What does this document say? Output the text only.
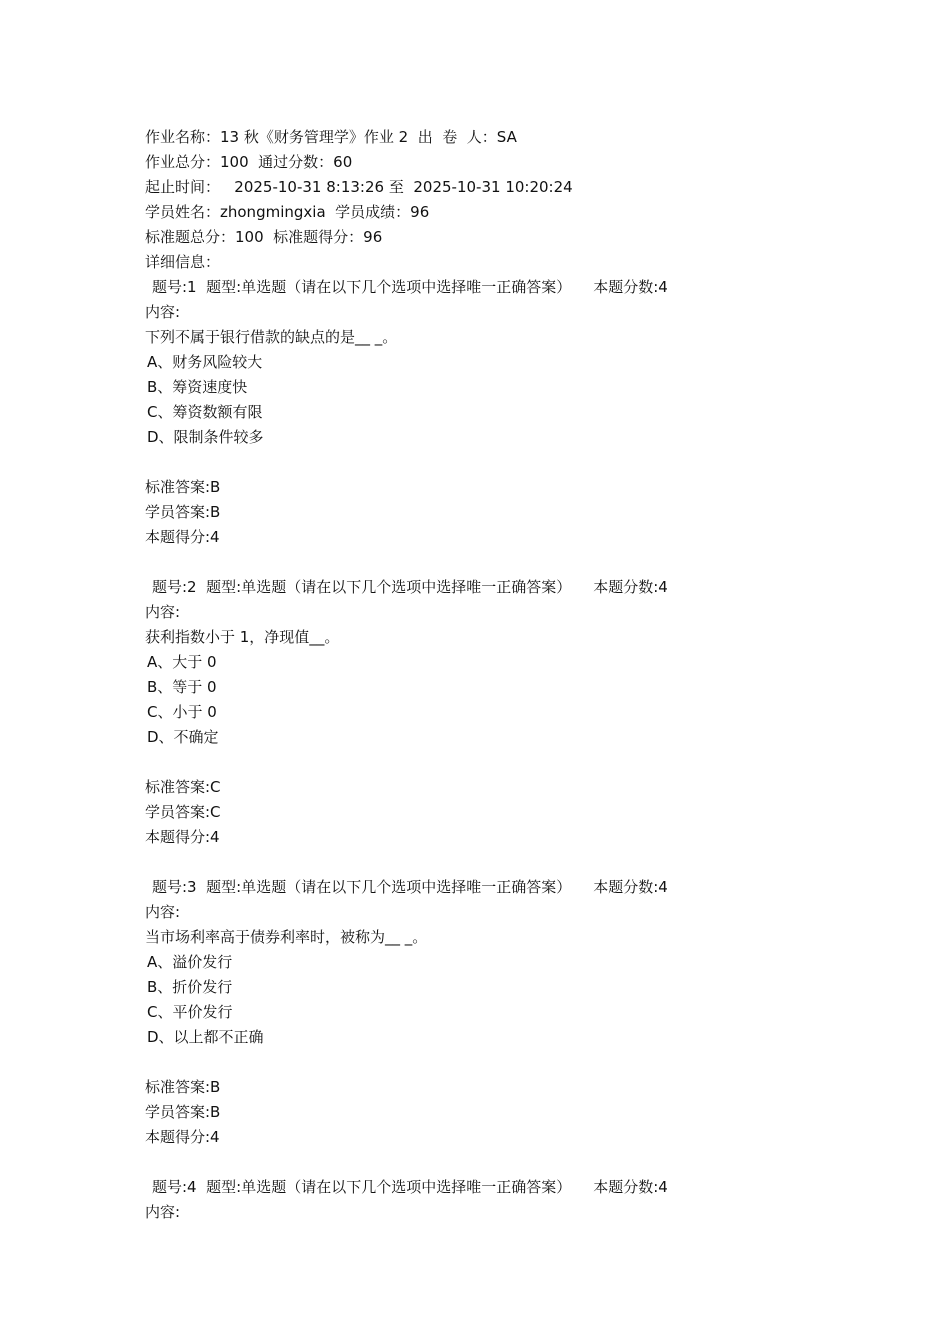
作业名称：13 秋《财务管理学》作业 2  出  卷  人：SA
作业总分：100  通过分数：60
起止时间：   2025-10-31 8:13:26 至  2025-10-31 10:20:24
学员姓名：zhongmingxia  学员成绩：96
标准题总分：100  标准题得分：96
详细信息：
题号:1  题型:单选题（请在以下几个选项中选择唯一正确答案） 本题分数:4
内容:
下列不属于银行借款的缺点的是__ _。
A、财务风险较大
B、筹资速度快
C、筹资数额有限
D、限制条件较多
标准答案:B
学员答案:B
本题得分:4
题号:2  题型:单选题（请在以下几个选项中选择唯一正确答案） 本题分数:4
内容:
获利指数小于 1，净现值__。
A、大于 0
B、等于 0
C、小于 0
D、不确定
标准答案:C
学员答案:C
本题得分:4
题号:3  题型:单选题（请在以下几个选项中选择唯一正确答案） 本题分数:4
内容:
当市场利率高于债券利率时，被称为__ _。
A、溢价发行
B、折价发行
C、平价发行
D、以上都不正确
标准答案:B
学员答案:B
本题得分:4
题号:4  题型:单选题（请在以下几个选项中选择唯一正确答案） 本题分数:4
内容:
